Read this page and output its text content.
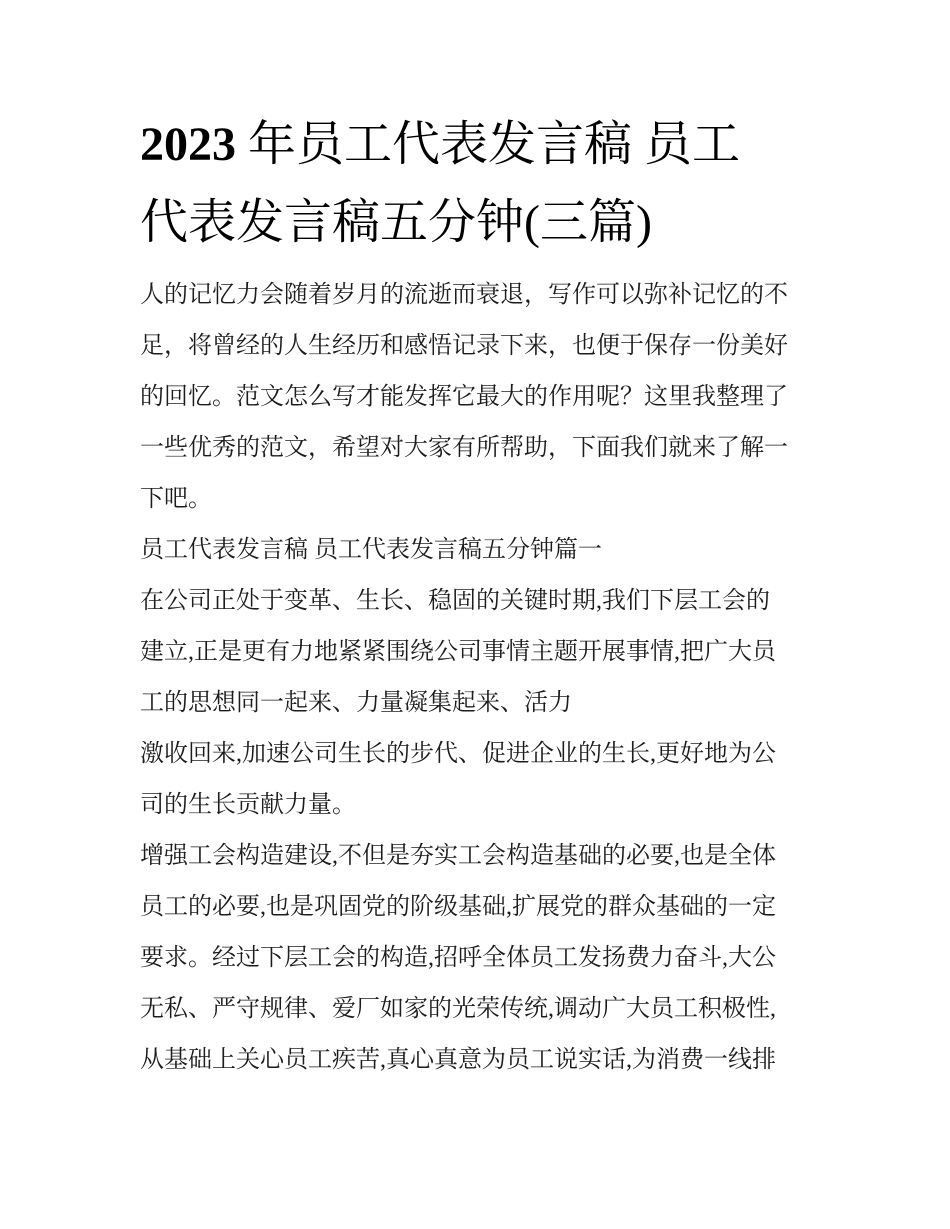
2023 年员工代表发言稿 员工
代表发言稿五分钟(三篇)
人的记忆力会随着岁月的流逝而衰退，写作可以弥补记忆的不
足，将曾经的人生经历和感悟记录下来，也便于保存一份美好
的回忆。范文怎么写才能发挥它最大的作用呢？这里我整理了
一些优秀的范文，希望对大家有所帮助，下面我们就来了解一
下吧。
员工代表发言稿 员工代表发言稿五分钟篇一
在公司正处于变革、生长、稳固的关键时期,我们下层工会的
建立,正是更有力地紧紧围绕公司事情主题开展事情,把广大员
工的思想同一起来、力量凝集起来、活力
激收回来,加速公司生长的步代、促进企业的生长,更好地为公
司的生长贡献力量。
增强工会构造建设,不但是夯实工会构造基础的必要,也是全体
员工的必要,也是巩固党的阶级基础,扩展党的群众基础的一定
要求。经过下层工会的构造,招呼全体员工发扬费力奋斗,大公
无私、严守规律、爱厂如家的光荣传统,调动广大员工积极性,
从基础上关心员工疾苦,真心真意为员工说实话,为消费一线排
